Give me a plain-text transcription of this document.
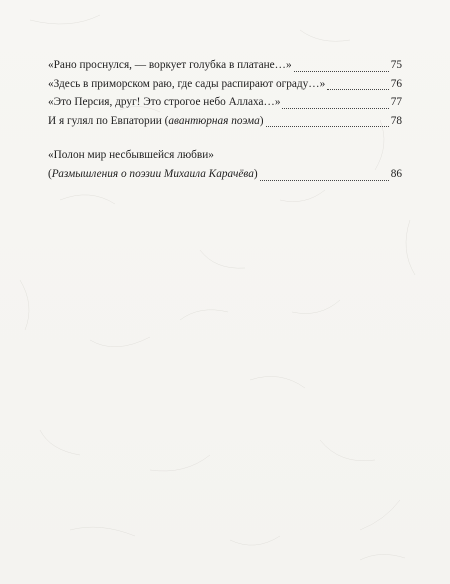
«Рано проснулся, — воркует голубка в платане…»	75
«Здесь в приморском раю, где сады распирают ограду…»	76
«Это Персия, друг! Это строгое небо Аллаха…»	77
И я гулял по Евпатории (авантюрная поэма)	78
«Полон мир несбывшейся любви»
(Размышления о поэзии Михаила Карачёва)	86
